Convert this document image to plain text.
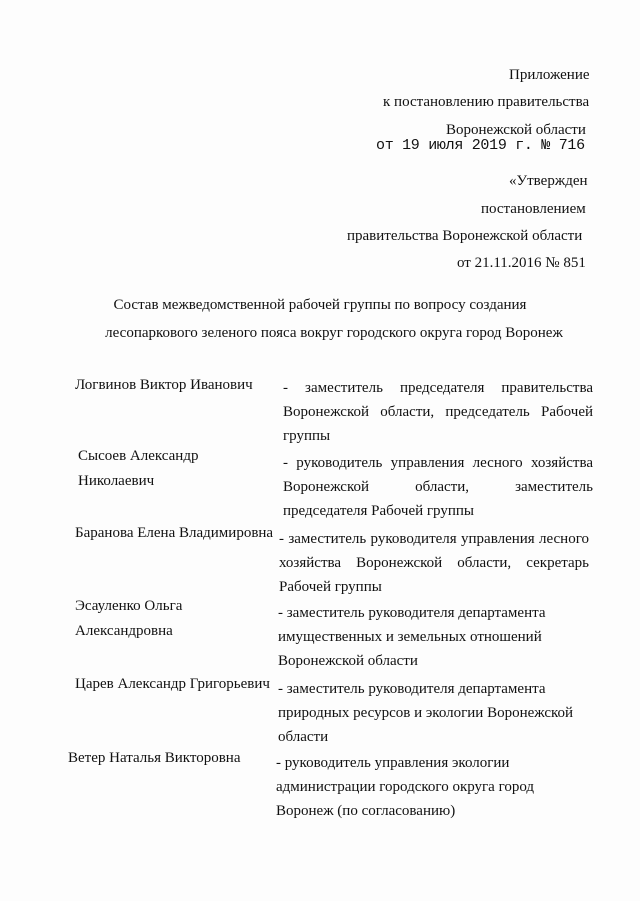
Приложение
к постановлению правительства
Воронежской области
от 19 июля 2019 г. № 716
«Утвержден
постановлением
правительства Воронежской области
от 21.11.2016 № 851
Состав межведомственной рабочей группы по вопросу создания
лесопаркового зеленого пояса вокруг городского округа город Воронеж
Логвинов Виктор Иванович - заместитель председателя правительства
Воронежской области, председатель Рабочей
группы
Сысоев Александр
Николаевич
- руководитель управления лесного хозяйства
Воронежской области, заместитель
председателя Рабочей группы
Баранова Елена Владимировна - заместитель руководителя управления лесного
хозяйства Воронежской области, секретарь
Рабочей группы
Эсауленко Ольга
Александровна
- заместитель руководителя департамента
имущественных и земельных отношений
Воронежской области
Царев Александр Григорьевич - заместитель руководителя департамента
природных ресурсов и экологии Воронежской
области
Ветер Наталья Викторовна - руководитель управления экологии
администрации городского округа город
Воронеж (по согласованию)
